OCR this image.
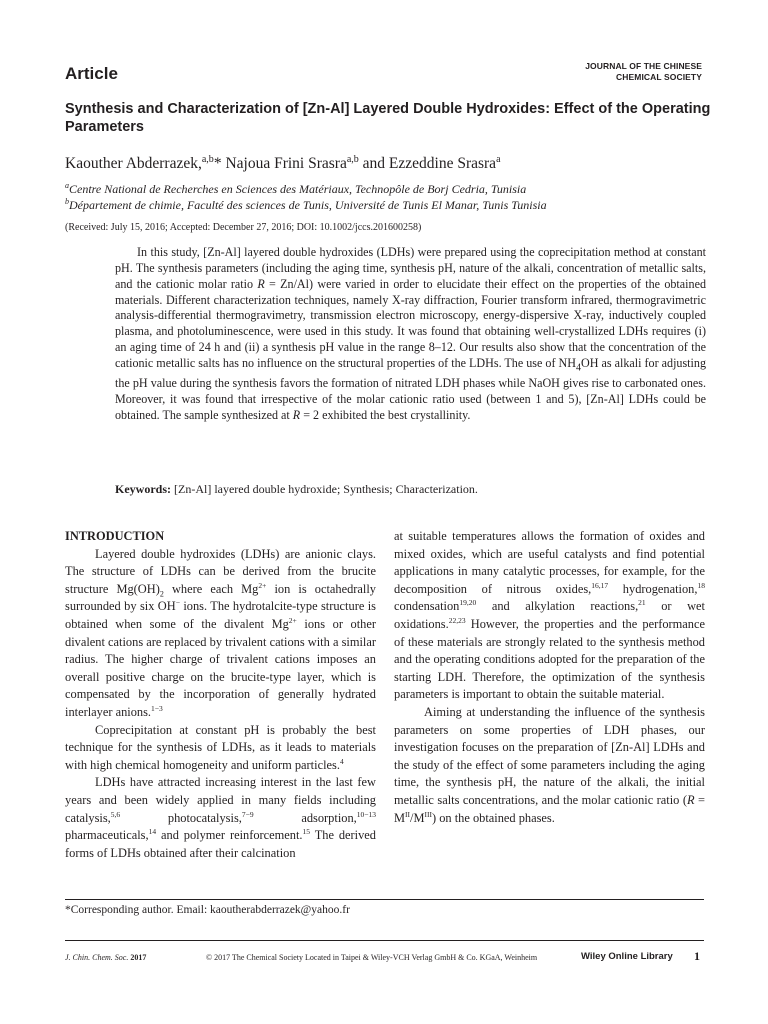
Article	JOURNAL OF THE CHINESE
CHEMICAL SOCIETY
Synthesis and Characterization of [Zn-Al] Layered Double Hydroxides: Effect of the Operating Parameters
Kaouther Abderrazek,$^{a,b}$* Najoua Frini Srasra$^{a,b}$ and Ezzeddine Srasra$^a$
$^a$Centre National de Recherches en Sciences des Matériaux, Technopôle de Borj Cedria, Tunisia
$^b$Département de chimie, Faculté des sciences de Tunis, Université de Tunis El Manar, Tunis Tunisia
(Received: July 15, 2016; Accepted: December 27, 2016; DOI: 10.1002/jccs.201600258)

In this study, [Zn-Al] layered double hydroxides (LDHs) were prepared using the coprecipitation method at constant pH. The synthesis parameters (including the aging time, synthesis pH, nature of the alkali, concentration of metallic salts, and the cationic molar ratio R = Zn/Al) were varied in order to elucidate their effect on the properties of the obtained materials. Different characterization techniques, namely X-ray diffraction, Fourier transform infrared, thermogravimetric analysis-differential thermogravimetry, transmission electron microscopy, energy-dispersive X-ray, inductively coupled plasma, and photoluminescence, were used in this study. It was found that obtaining well-crystallized LDHs requires (i) an aging time of 24 h and (ii) a synthesis pH value in the range 8–12. Our results also show that the concentration of the cationic metallic salts has no influence on the structural properties of the LDHs. The use of $NH_4OH$ as alkali for adjusting the pH value during the synthesis favors the formation of nitrated LDH phases while NaOH gives rise to carbonated ones. Moreover, it was found that irrespective of the molar cationic ratio used (between 1 and 5), [Zn-Al] LDHs could be obtained. The sample synthesized at R = 2 exhibited the best crystallinity.

Keywords: [Zn-Al] layered double hydroxide; Synthesis; Characterization.
INTRODUCTION

Layered double hydroxides (LDHs) are anionic clays. The structure of LDHs can be derived from the brucite structure $Mg(OH)_2$ where each $Mg^{2+}$ ion is octahedrally surrounded by six OH− ions. The hydrotalcite-type structure is obtained when some of the divalent $Mg^{2+}$ ions or other divalent cations are replaced by trivalent cations with a similar radius. The higher charge of trivalent cations imposes an overall positive charge on the brucite-type layer, which is compensated by the incorporation of generally hydrated interlayer anions.$^{1-3}$

Coprecipitation at constant pH is probably the best technique for the synthesis of LDHs, as it leads to materials with high chemical homogeneity and uniform particles.$^4$

LDHs have attracted increasing interest in the last few years and been widely applied in many fields including catalysis,$^{5,6}$ photocatalysis,$^{7-9}$ adsorption,$^{10-13}$ pharmaceuticals,$^{14}$ and polymer reinforcement.$^{15}$ The derived forms of LDHs obtained after their calcination

at suitable temperatures allows the formation of oxides and mixed oxides, which are useful catalysts and find potential applications in many catalytic processes, for example, for the decomposition of nitrous oxides,$^{16,17}$ hydrogenation,$^{18}$ condensation$^{19,20}$ and alkylation reactions,$^{21}$ or wet oxidations.$^{22,23}$ However, the properties and the performance of these materials are strongly related to the synthesis method and the operating conditions adopted for the preparation of the starting LDH. Therefore, the optimization of the synthesis parameters is important to obtain the suitable material.

Aiming at understanding the influence of the synthesis parameters on some properties of LDH phases, our investigation focuses on the preparation of [Zn-Al] LDHs and the study of the effect of some parameters including the aging time, the synthesis pH, the nature of the alkali, the initial metallic salts concentrations, and the molar cationic ratio $(R = M^{II}/M^{III})$ on the obtained phases.

*Corresponding author. Email: kaoutherabderrazek@yahoo.fr
J. Chin. Chem. Soc. 2017	© 2017 The Chemical Society Located in Taipei & Wiley-VCH Verlag GmbH & Co. KGaA, Weinheim	Wiley Online Library 1
